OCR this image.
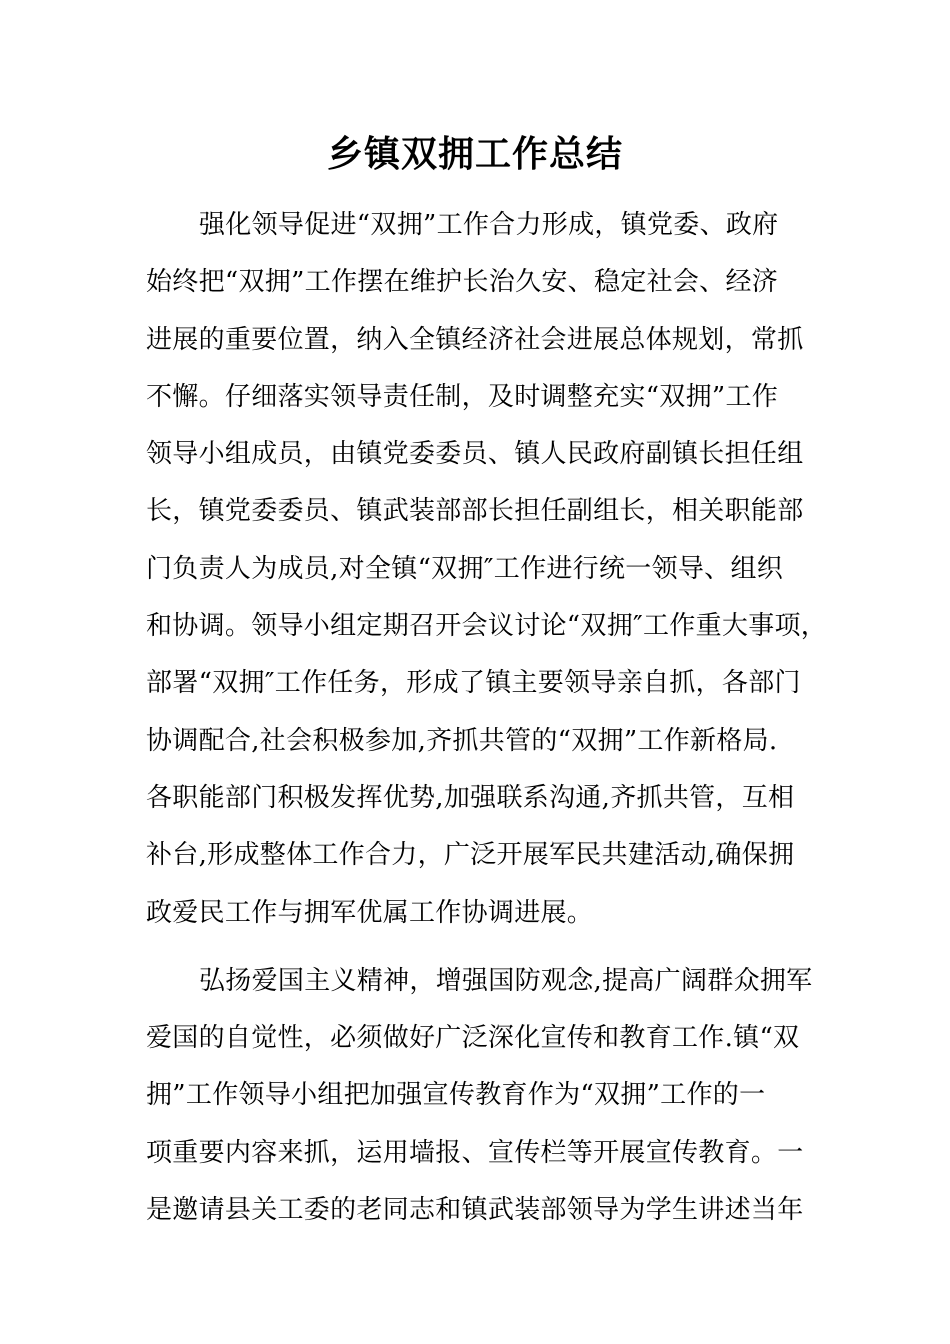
乡镇双拥工作总结
强化领导促进“双拥”工作合力形成，镇党委、政府
始终把“双拥”工作摆在维护长治久安、稳定社会、经济
进展的重要位置，纳入全镇经济社会进展总体规划，常抓
不懈。仔细落实领导责任制，及时调整充实“双拥”工作
领导小组成员，由镇党委委员、镇人民政府副镇长担任组
长，镇党委委员、镇武装部部长担任副组长，相关职能部
门负责人为成员,对全镇“双拥″工作进行统一领导、组织
和协调。领导小组定期召开会议讨论“双拥″工作重大事项，
部署“双拥″工作任务，形成了镇主要领导亲自抓，各部门
协调配合,社会积极参加,齐抓共管的“双拥”工作新格局.
各职能部门积极发挥优势,加强联系沟通,齐抓共管，互相
补台,形成整体工作合力，广泛开展军民共建活动,确保拥
政爱民工作与拥军优属工作协调进展。
弘扬爱国主义精神，增强国防观念,提高广阔群众拥军
爱国的自觉性，必须做好广泛深化宣传和教育工作.镇“双
拥”工作领导小组把加强宣传教育作为“双拥”工作的一
项重要内容来抓，运用墙报、宣传栏等开展宣传教育。一
是邀请县关工委的老同志和镇武装部领导为学生讲述当年
